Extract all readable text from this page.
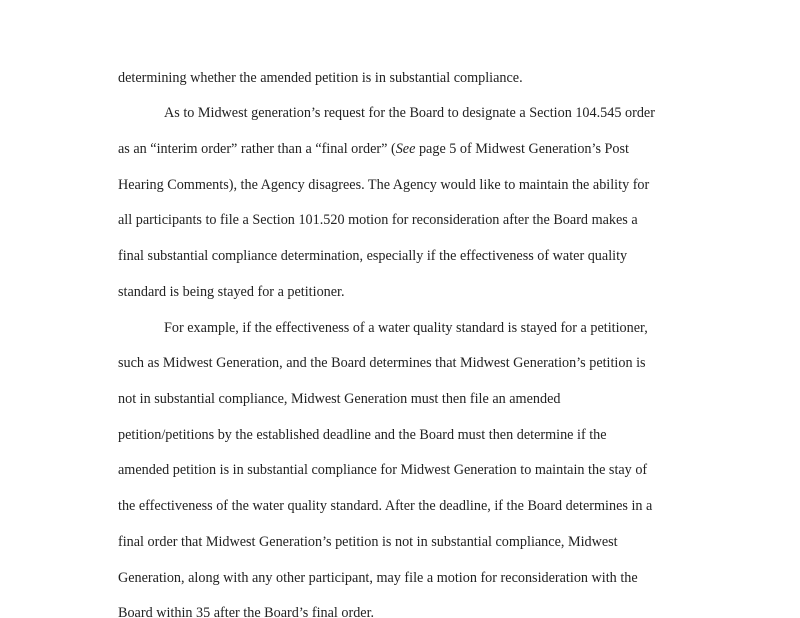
determining whether the amended petition is in substantial compliance.
As to Midwest generation’s request for the Board to designate a Section 104.545 order
as an “interim order” rather than a “final order” (See page 5 of Midwest Generation’s Post
Hearing Comments), the Agency disagrees. The Agency would like to maintain the ability for
all participants to file a Section 101.520 motion for reconsideration after the Board makes a
final substantial compliance determination, especially if the effectiveness of water quality
standard is being stayed for a petitioner.
For example, if the effectiveness of a water quality standard is stayed for a petitioner,
such as Midwest Generation, and the Board determines that Midwest Generation’s petition is
not in substantial compliance, Midwest Generation must then file an amended
petition/petitions by the established deadline and the Board must then determine if the
amended petition is in substantial compliance for Midwest Generation to maintain the stay of
the effectiveness of the water quality standard. After the deadline, if the Board determines in a
final order that Midwest Generation’s petition is not in substantial compliance, Midwest
Generation, along with any other participant, may file a motion for reconsideration with the
Board within 35 after the Board’s final order.
